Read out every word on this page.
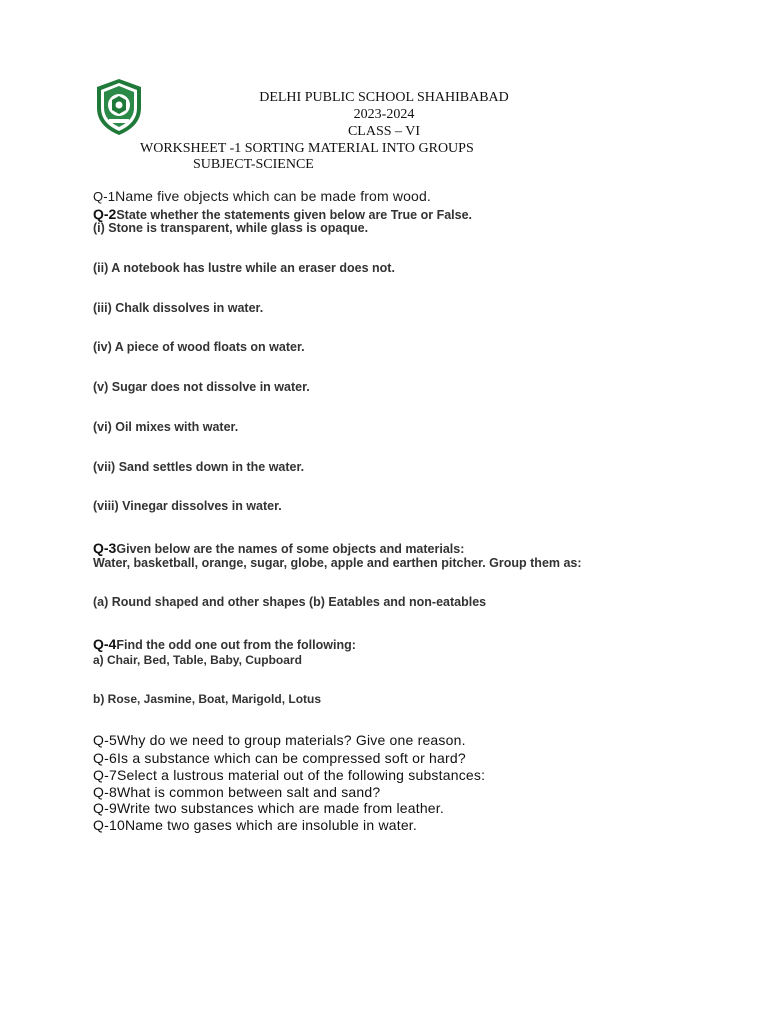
DELHI PUBLIC SCHOOL SHAHIBABAD
2023-2024
CLASS – VI
WORKSHEET -1 SORTING MATERIAL INTO GROUPS
SUBJECT-SCIENCE
Q-1Name five objects which can be made from wood.
Q-2State whether the statements given below are True or False.
(i) Stone is transparent, while glass is opaque.
(ii) A notebook has lustre while an eraser does not.
(iii) Chalk dissolves in water.
(iv) A piece of wood floats on water.
(v) Sugar does not dissolve in water.
(vi) Oil mixes with water.
(vii) Sand settles down in the water.
(viii) Vinegar dissolves in water.
Q-3Given below are the names of some objects and materials:
Water, basketball, orange, sugar, globe, apple and earthen pitcher. Group them as:
(a) Round shaped and other shapes (b) Eatables and non-eatables
Q-4Find the odd one out from the following:
a) Chair, Bed, Table, Baby, Cupboard
b) Rose, Jasmine, Boat, Marigold, Lotus
Q-5Why do we need to group materials? Give one reason.
Q-6Is a substance which can be compressed soft or hard?
Q-7Select a lustrous material out of the following substances:
Q-8What is common between salt and sand?
Q-9Write two substances which are made from leather.
Q-10Name two gases which are insoluble in water.
